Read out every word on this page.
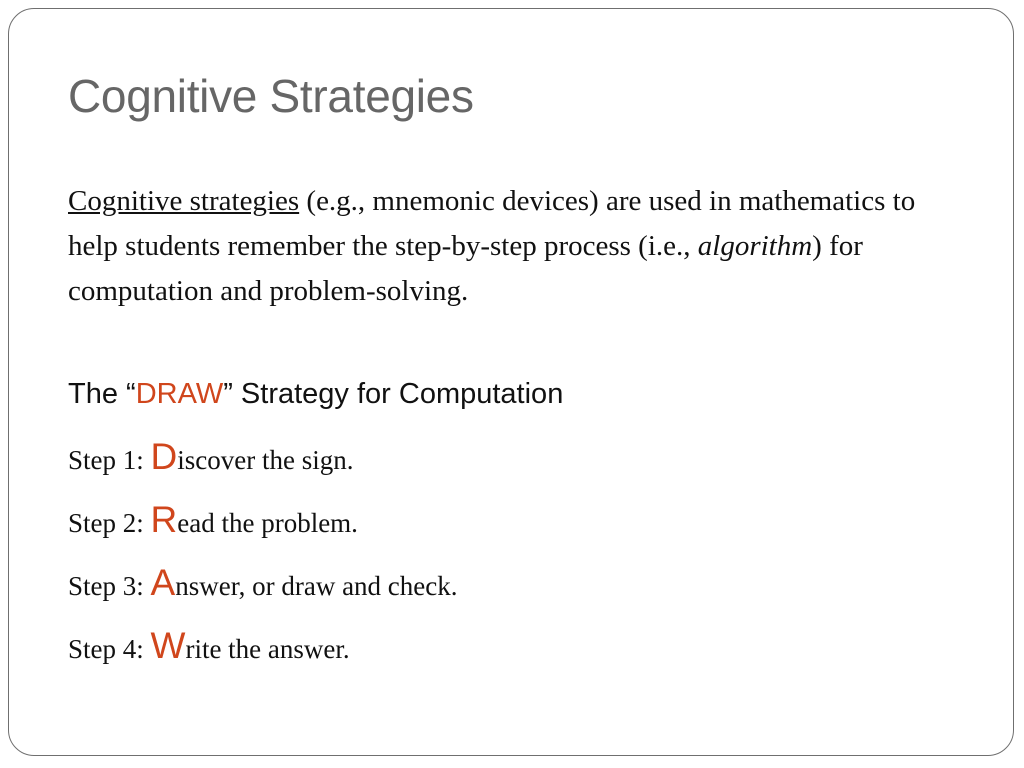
Cognitive Strategies

Cognitive strategies (e.g., mnemonic devices) are used in mathematics to help students remember the step-by-step process (i.e., algorithm) for computation and problem-solving.

The “DRAW” Strategy for Computation
Step 1: Discover the sign.
Step 2: Read the problem.
Step 3: Answer, or draw and check.
Step 4: Write the answer.
